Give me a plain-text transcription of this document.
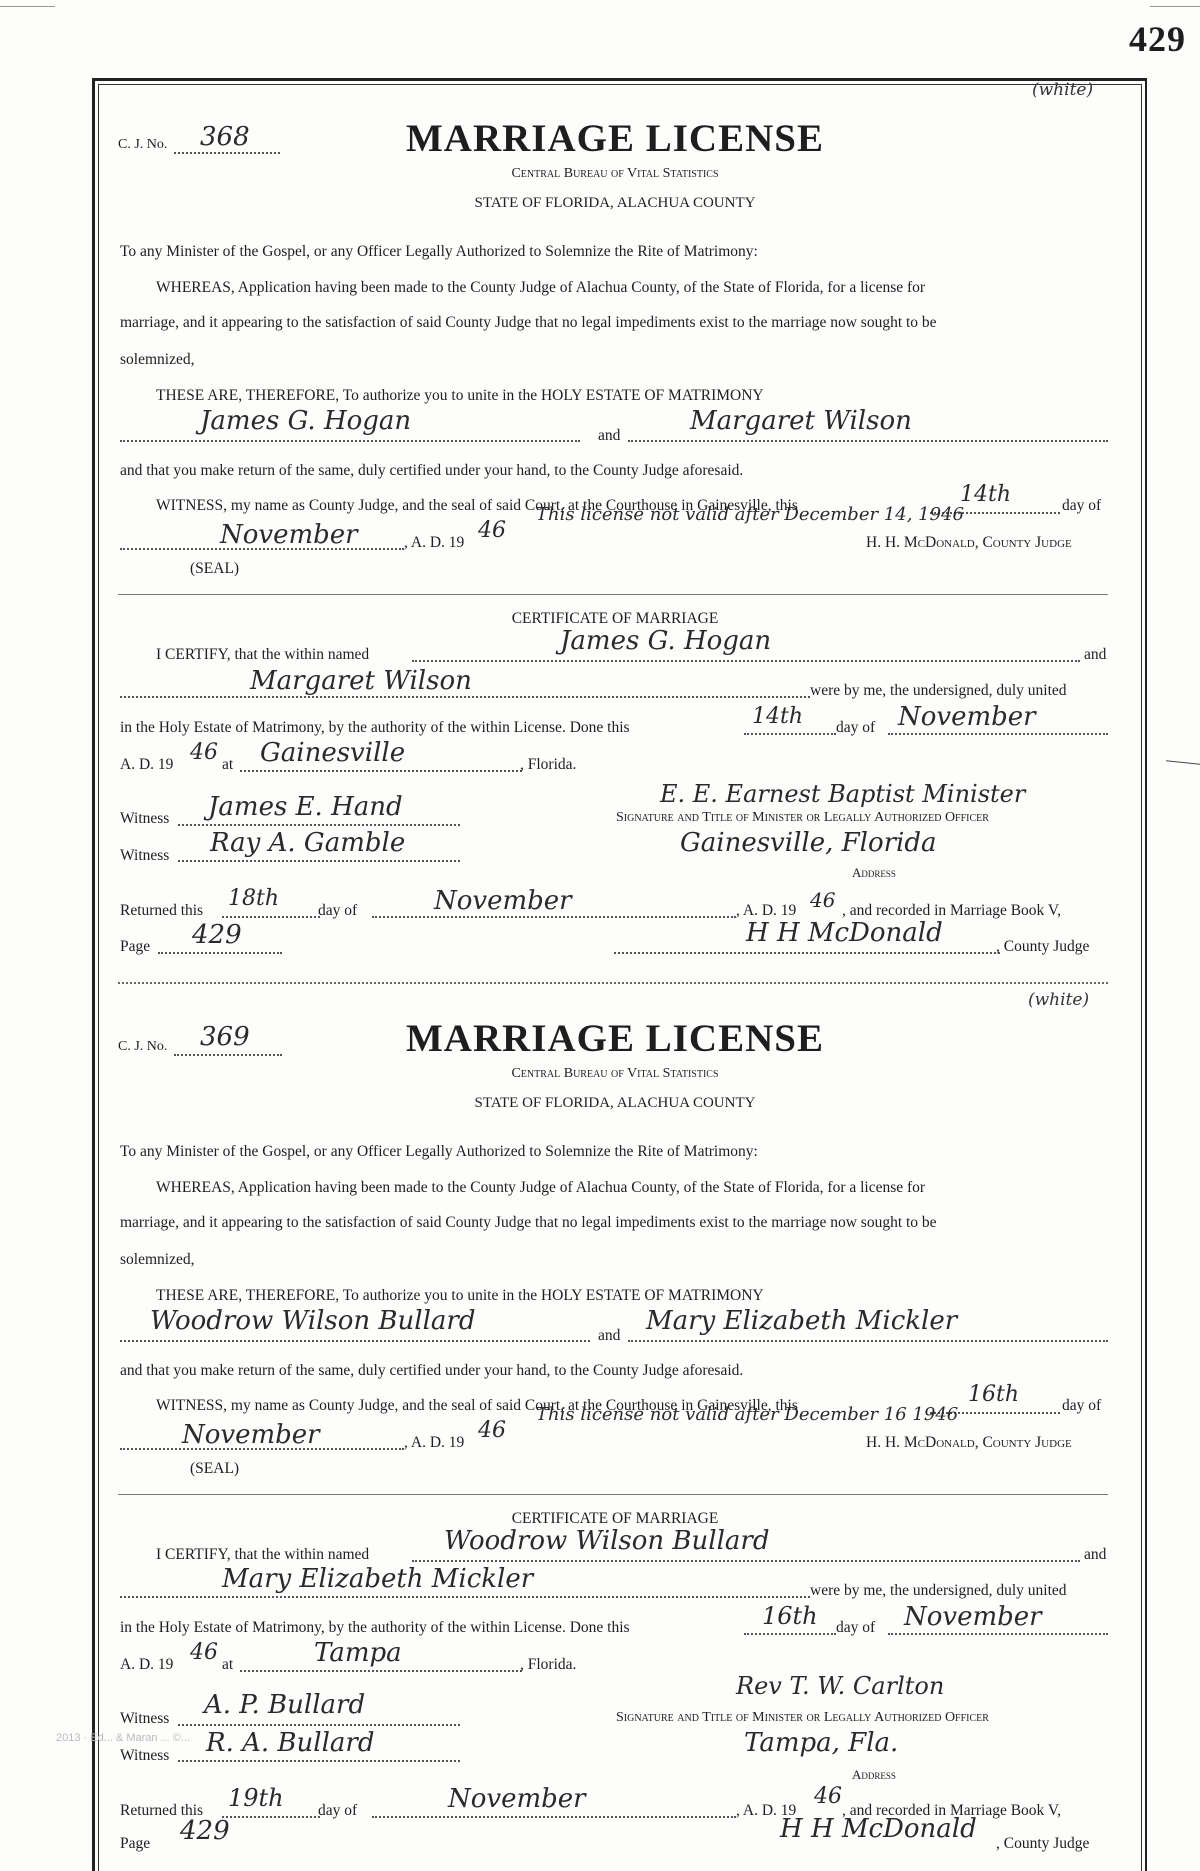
429
2013 · Ed... & Maran ... ©...
(white)
C. J. No. 368	MARRIAGE LICENSE
Central Bureau of Vital Statistics
STATE OF FLORIDA, ALACHUA COUNTY
To any Minister of the Gospel, or any Officer Legally Authorized to Solemnize the Rite of Matrimony:
WHEREAS, Application having been made to the County Judge of Alachua County, of the State of Florida, for a license for
marriage, and it appearing to the satisfaction of said County Judge that no legal impediments exist to the marriage now sought to be
solemnized,
THESE ARE, THEREFORE, To authorize you to unite in the HOLY ESTATE OF MATRIMONY
James G. Hogan	and	Margaret Wilson
and that you make return of the same, duly certified under your hand, to the County Judge aforesaid.
WITNESS, my name as County Judge, and the seal of said Court, at the Courthouse in Gainesville, this	14th	day of
This license not valid after December 14, 1946
November	, A. D. 19 46	H. H. McDonald, County Judge
(SEAL)
CERTIFICATE OF MARRIAGE
I CERTIFY, that the within named	James G. Hogan	and
Margaret Wilson	were by me, the undersigned, duly united
in the Holy Estate of Matrimony, by the authority of the within License. Done this	14th day of November
A. D. 19 46 at Gainesville	, Florida.
E. E. Earnest Baptist Minister
Witness James E. Hand	Signature and Title of Minister or Legally Authorized Officer
Witness Ray A. Gamble	Gainesville, Florida
Address
Returned this 18th	day of	November	, A. D. 19 46 , and recorded in Marriage Book V,
Page 429	H H McDonald	, County Judge
(white)
C. J. No. 369	MARRIAGE LICENSE
Central Bureau of Vital Statistics
STATE OF FLORIDA, ALACHUA COUNTY
To any Minister of the Gospel, or any Officer Legally Authorized to Solemnize the Rite of Matrimony:
WHEREAS, Application having been made to the County Judge of Alachua County, of the State of Florida, for a license for
marriage, and it appearing to the satisfaction of said County Judge that no legal impediments exist to the marriage now sought to be
solemnized,
THESE ARE, THEREFORE, To authorize you to unite in the HOLY ESTATE OF MATRIMONY
Woodrow Wilson Bullard	and Mary Elizabeth Mickler
and that you make return of the same, duly certified under your hand, to the County Judge aforesaid.
WITNESS, my name as County Judge, and the seal of said Court, at the Courthouse in Gainesville, this	16th	day of
This license not valid after December 16 1946
November	, A. D. 19 46	H. H. McDonald, County Judge
(SEAL)
CERTIFICATE OF MARRIAGE
I CERTIFY, that the within named	Woodrow Wilson Bullard	and
Mary Elizabeth Mickler	were by me, the undersigned, duly united
in the Holy Estate of Matrimony, by the authority of the within License. Done this	16th day of November
A. D. 19 46 at	Tampa	, Florida.
Rev T. W. Carlton
Witness A. P. Bullard	Signature and Title of Minister or Legally Authorized Officer
Witness R. A. Bullard	Tampa, Fla.
Address
Returned this 19th day of	November	, A. D. 19
46
, and recorded in Marriage Book V,
Page 429	H H McDonald , County Judge
